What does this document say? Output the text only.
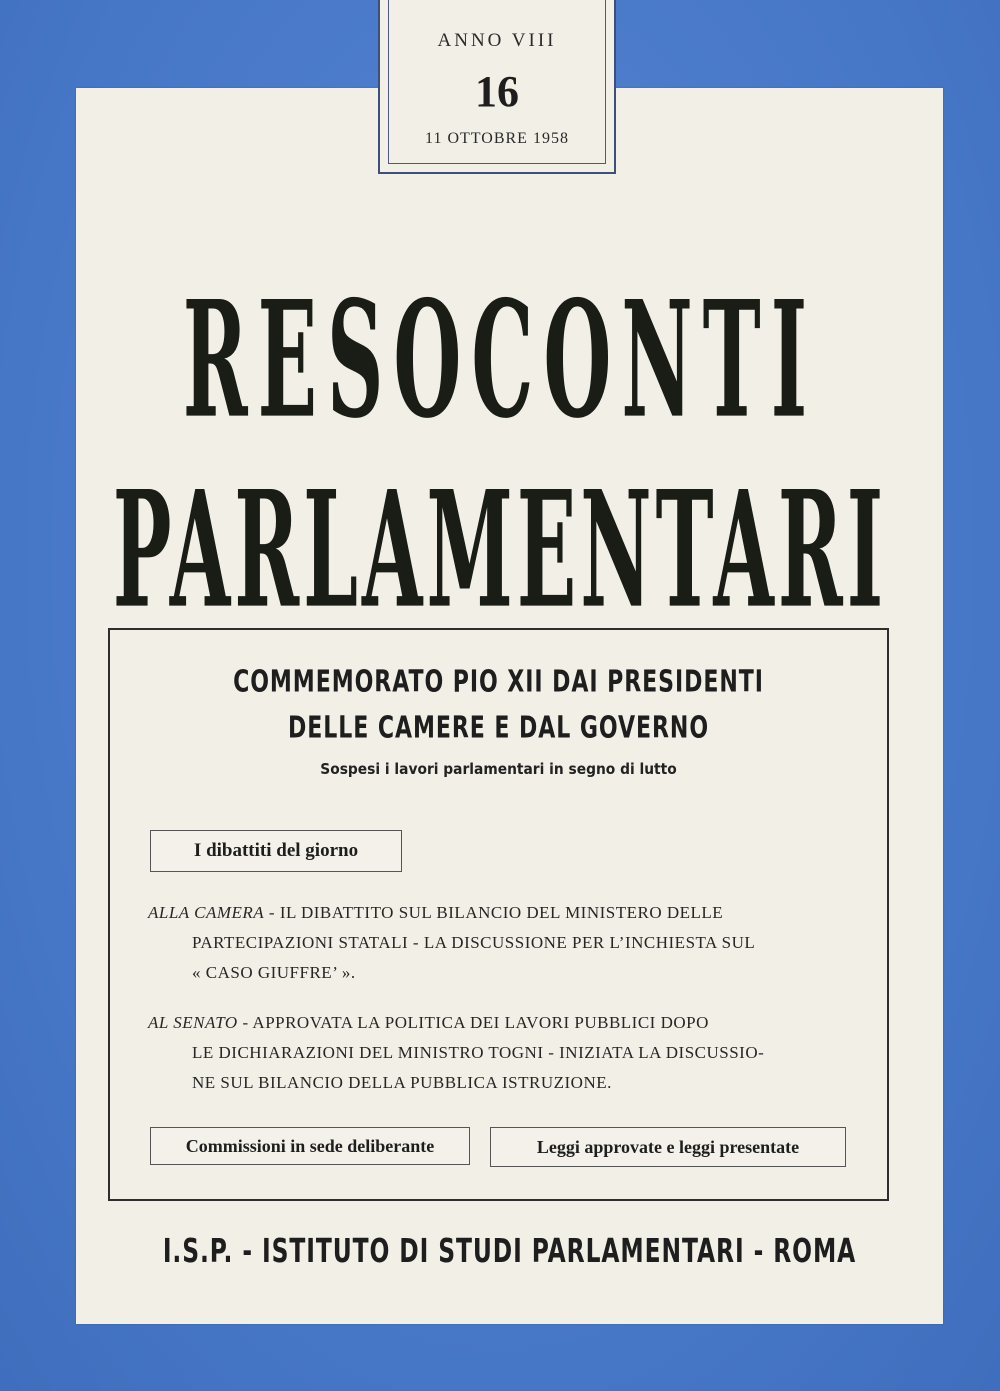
ANNO VIII
16
11 OTTOBRE 1958
RESOCONTI
PARLAMENTARI
COMMEMORATO PIO XII DAI PRESIDENTI
DELLE CAMERE E DAL GOVERNO
Sospesi i lavori parlamentari in segno di lutto
I dibattiti del giorno
ALLA CAMERA - IL DIBATTITO SUL BILANCIO DEL MINISTERO DELLE
PARTECIPAZIONI STATALI - LA DISCUSSIONE PER L’INCHIESTA SUL
« CASO GIUFFRE’ ».
AL SENATO - APPROVATA LA POLITICA DEI LAVORI PUBBLICI DOPO
LE DICHIARAZIONI DEL MINISTRO TOGNI - INIZIATA LA DISCUSSIO-
NE SUL BILANCIO DELLA PUBBLICA ISTRUZIONE.
Commissioni in sede deliberante	Leggi approvate e leggi presentate
I.S.P. - ISTITUTO DI STUDI PARLAMENTARI - ROMA
